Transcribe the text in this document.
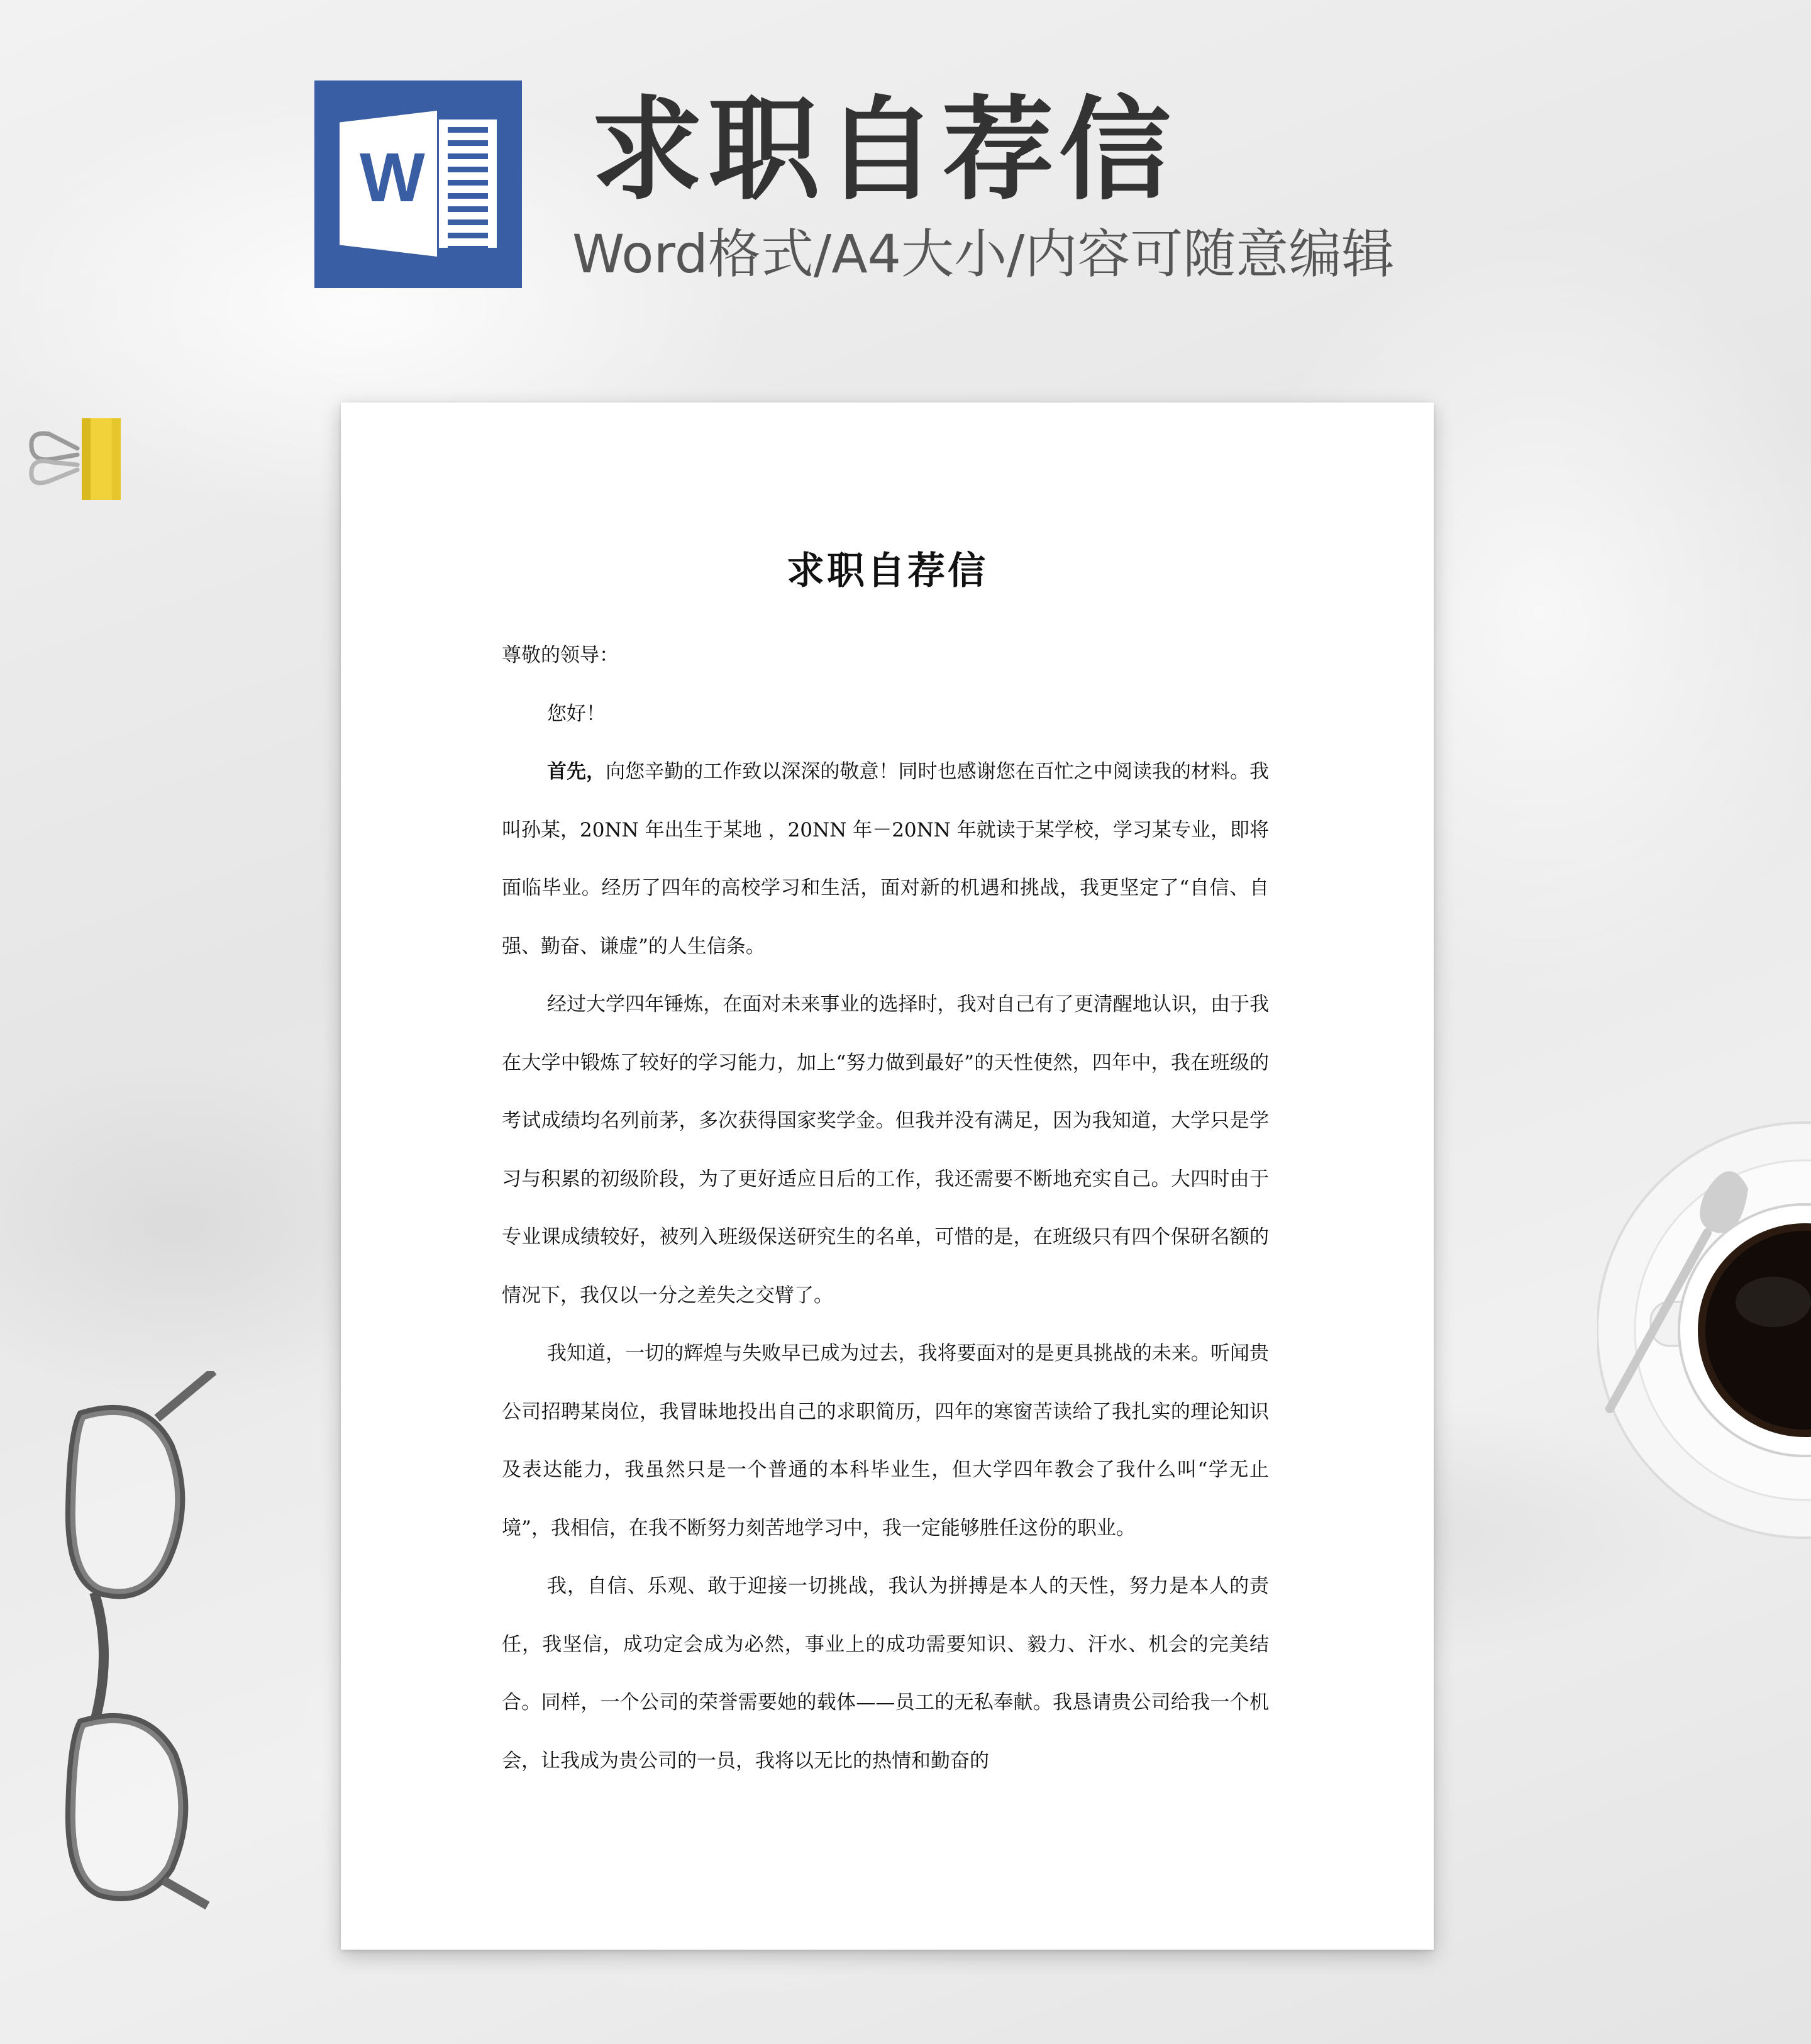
W 求职自荐信
Word格式/A4大小/内容可随意编辑
求职自荐信

尊敬的领导：

您好！

首先，向您辛勤的工作致以深深的敬意！同时也感谢您在百忙之中阅读我的材料。我叫孙某，20NN 年出生于某地 ，20NN 年－20NN 年就读于某学校，学习某专业，即将面临毕业。经历了四年的高校学习和生活，面对新的机遇和挑战，我更坚定了“自信、自强、勤奋、谦虚”的人生信条。

经过大学四年锤炼，在面对未来事业的选择时，我对自己有了更清醒地认识，由于我在大学中锻炼了较好的学习能力，加上“努力做到最好”的天性使然，四年中，我在班级的考试成绩均名列前茅，多次获得国家奖学金。但我并没有满足，因为我知道，大学只是学习与积累的初级阶段，为了更好适应日后的工作，我还需要不断地充实自己。大四时由于专业课成绩较好，被列入班级保送研究生的名单，可惜的是，在班级只有四个保研名额的情况下，我仅以一分之差失之交臂了。

我知道，一切的辉煌与失败早已成为过去，我将要面对的是更具挑战的未来。听闻贵公司招聘某岗位，我冒昧地投出自己的求职简历，四年的寒窗苦读给了我扎实的理论知识及表达能力，我虽然只是一个普通的本科毕业生，但大学四年教会了我什么叫“学无止境”，我相信，在我不断努力刻苦地学习中，我一定能够胜任这份的职业。

我，自信、乐观、敢于迎接一切挑战，我认为拼搏是本人的天性，努力是本人的责任，我坚信，成功定会成为必然，事业上的成功需要知识、毅力、汗水、机会的完美结合。同样，一个公司的荣誉需要她的载体——员工的无私奉献。我恳请贵公司给我一个机会，让我成为贵公司的一员，我将以无比的热情和勤奋的
